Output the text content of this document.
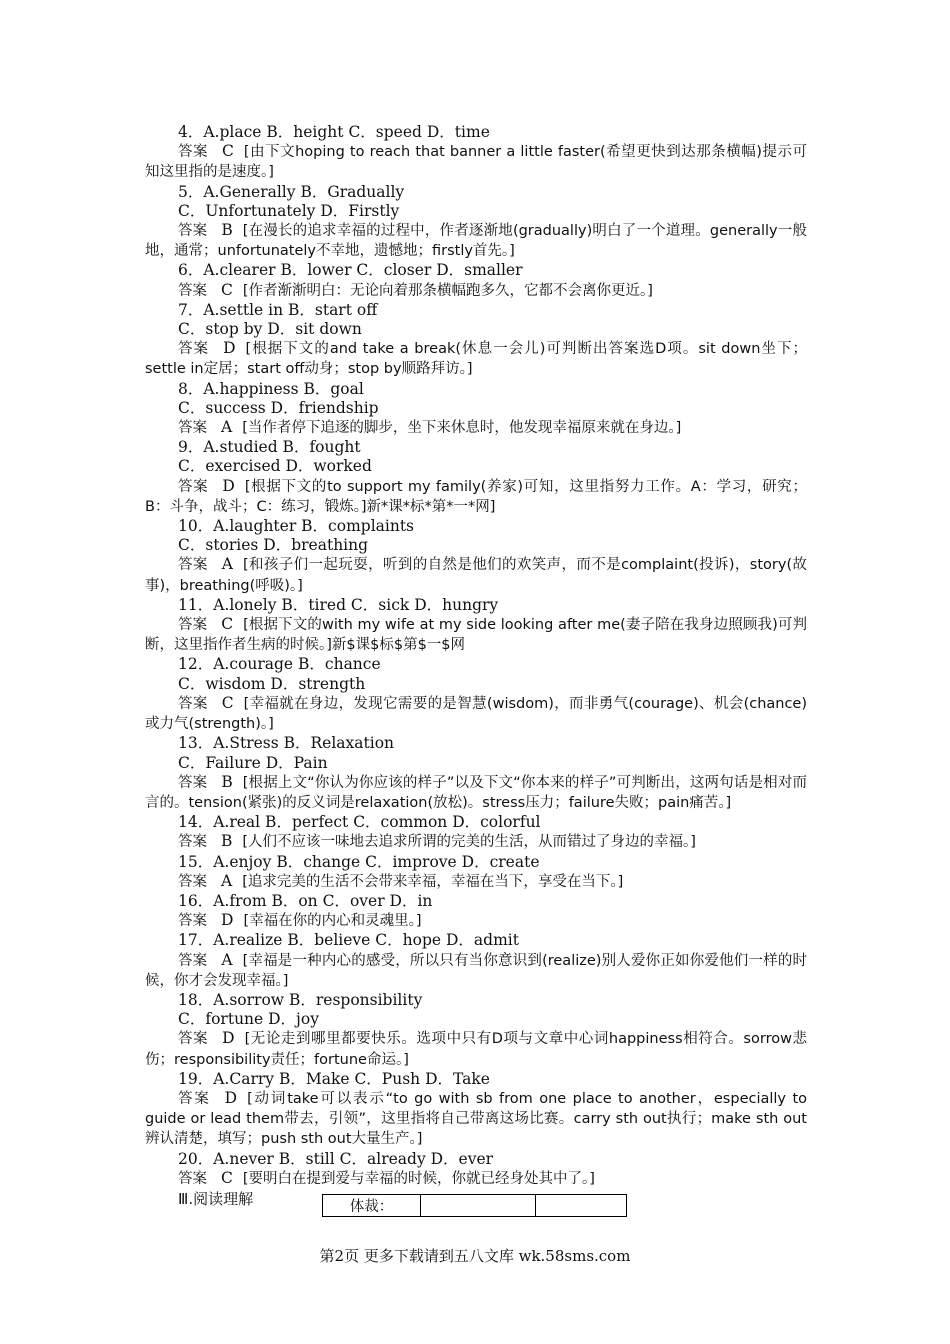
4．A.place B．height C．speed D．time
答案 C [由下文hoping to reach that banner a little faster(希望更快到达那条横幅)提示可知这里指的是速度。]
5．A.Generally B．Gradually
C．Unfortunately D．Firstly
答案 B [在漫长的追求幸福的过程中，作者逐渐地(gradually)明白了一个道理。generally一般地，通常；unfortunately不幸地，遗憾地；firstly首先。]
6．A.clearer B．lower C．closer D．smaller
答案 C [作者渐渐明白：无论向着那条横幅跑多久，它都不会离你更近。]
7．A.settle in B．start off
C．stop by D．sit down
答案 D [根据下文的and take a break(休息一会儿)可判断出答案选D项。sit down坐下；settle in定居；start off动身；stop by顺路拜访。]
8．A.happiness B．goal
C．success D．friendship
答案 A [当作者停下追逐的脚步，坐下来休息时，他发现幸福原来就在身边。]
9．A.studied B．fought
C．exercised D．worked
答案 D [根据下文的to support my family(养家)可知，这里指努力工作。A：学习，研究；B：斗争，战斗；C：练习，锻炼。]新*课*标*第*一*网]
10．A.laughter B．complaints
C．stories D．breathing
答案 A [和孩子们一起玩耍，听到的自然是他们的欢笑声，而不是complaint(投诉)，story(故事)，breathing(呼吸)。]
11．A.lonely B．tired C．sick D．hungry
答案 C [根据下文的with my wife at my side looking after me(妻子陪在我身边照顾我)可判断，这里指作者生病的时候。]新$课$标$第$一$网
12．A.courage B．chance
C．wisdom D．strength
答案 C [幸福就在身边，发现它需要的是智慧(wisdom)，而非勇气(courage)、机会(chance)或力气(strength)。]
13．A.Stress B．Relaxation
C．Failure D．Pain
答案 B [根据上文“你认为你应该的样子”以及下文“你本来的样子”可判断出，这两句话是相对而言的。tension(紧张)的反义词是relaxation(放松)。stress压力；failure失败；pain痛苦。]
14．A.real B．perfect C．common D．colorful
答案 B [人们不应该一味地去追求所谓的完美的生活，从而错过了身边的幸福。]
15．A.enjoy B．change C．improve D．create
答案 A [追求完美的生活不会带来幸福，幸福在当下，享受在当下。]
16．A.from B．on C．over D．in
答案 D [幸福在你的内心和灵魂里。]
17．A.realize B．believe C．hope D．admit
答案 A [幸福是一种内心的感受，所以只有当你意识到(realize)别人爱你正如你爱他们一样的时候，你才会发现幸福。]
18．A.sorrow B．responsibility
C．fortune D．joy
答案 D [无论走到哪里都要快乐。选项中只有D项与文章中心词happiness相符合。sorrow悲伤；responsibility责任；fortune命运。]
19．A.Carry B．Make C．Push D．Take
答案 D [动词take可以表示“to go with sb from one place to another，especially to guide or lead them带去，引领”，这里指将自己带离这场比赛。carry sth out执行；make sth out辨认清楚，填写；push sth out大量生产。]
20．A.never B．still C．already D．ever
答案 C [要明白在提到爱与幸福的时候，你就已经身处其中了。]
Ⅲ.阅读理解	体裁：		
第2页 更多下载请到五八文库 wk.58sms.com
